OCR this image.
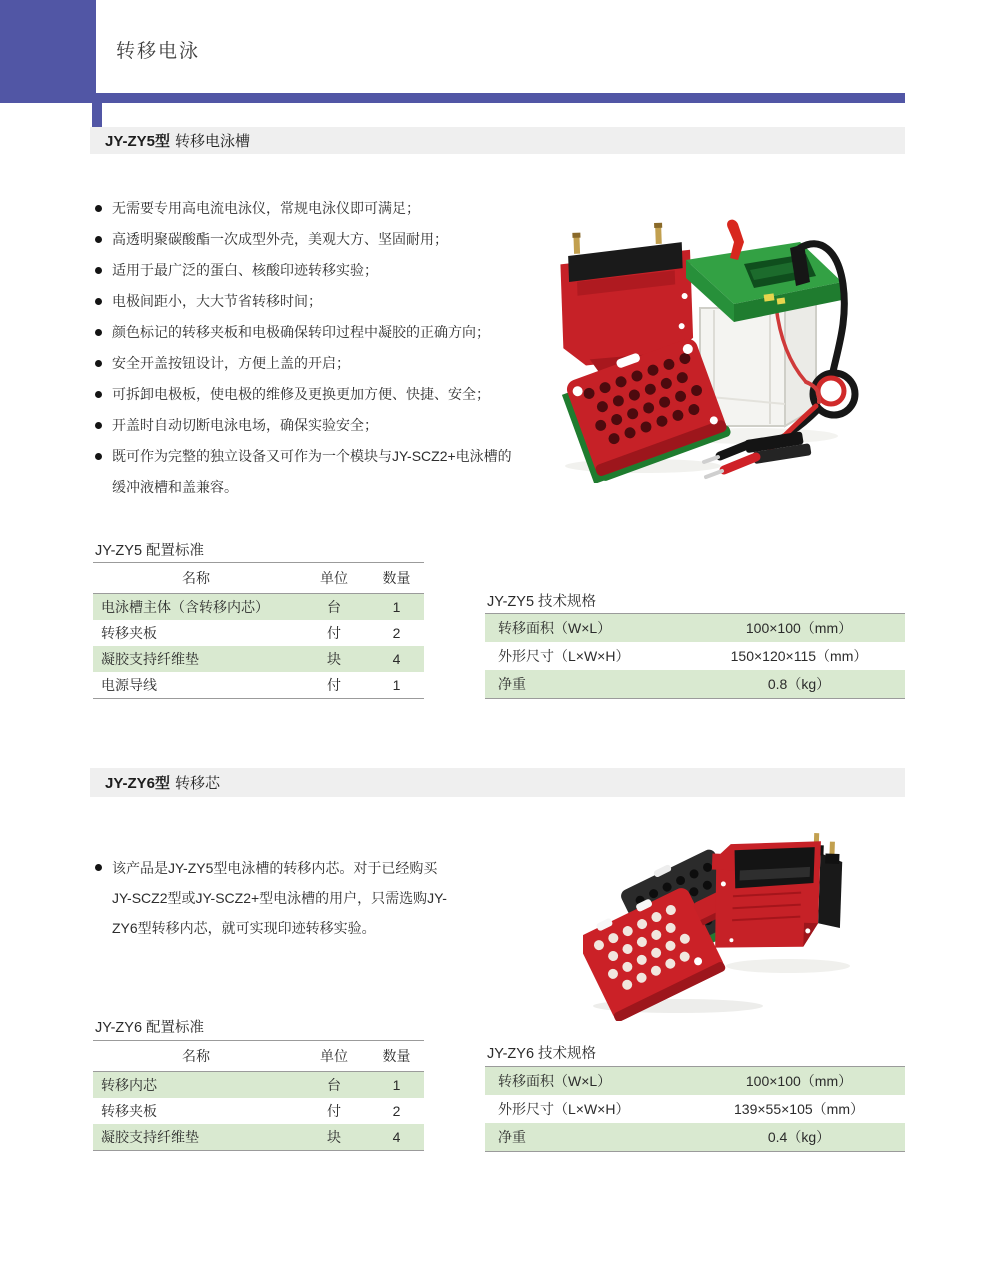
转移电泳
JY-ZY5型 转移电泳槽
无需要专用高电流电泳仪，常规电泳仪即可满足；
高透明聚碳酸酯一次成型外壳，美观大方、坚固耐用；
适用于最广泛的蛋白、核酸印迹转移实验；
电极间距小，大大节省转移时间；
颜色标记的转移夹板和电极确保转印过程中凝胶的正确方向；
安全开盖按钮设计，方便上盖的开启；
可拆卸电极板，使电极的维修及更换更加方便、快捷、安全；
开盖时自动切断电泳电场，确保实验安全；
既可作为完整的独立设备又可作为一个模块与JY-SCZ2+电泳槽的缓冲液槽和盖兼容。
JY-ZY5 配置标准
名称	单位	数量
电泳槽主体（含转移内芯）	台	1
转移夹板	付	2
凝胶支持纤维垫	块	4
电源导线	付	1
JY-ZY5 技术规格
转移面积（W×L）	100×100（mm）
外形尺寸（L×W×H）	150×120×115（mm）
净重	0.8（kg）
JY-ZY6型 转移芯
该产品是JY-ZY5型电泳槽的转移内芯。对于已经购买JY-SCZ2型或JY-SCZ2+型电泳槽的用户，只需选购JY-ZY6型转移内芯，就可实现印迹转移实验。
JY-ZY6 配置标准
名称	单位	数量
转移内芯	台	1
转移夹板	付	2
凝胶支持纤维垫	块	4
JY-ZY6 技术规格
转移面积（W×L）	100×100（mm）
外形尺寸（L×W×H）	139×55×105（mm）
净重	0.4（kg）
